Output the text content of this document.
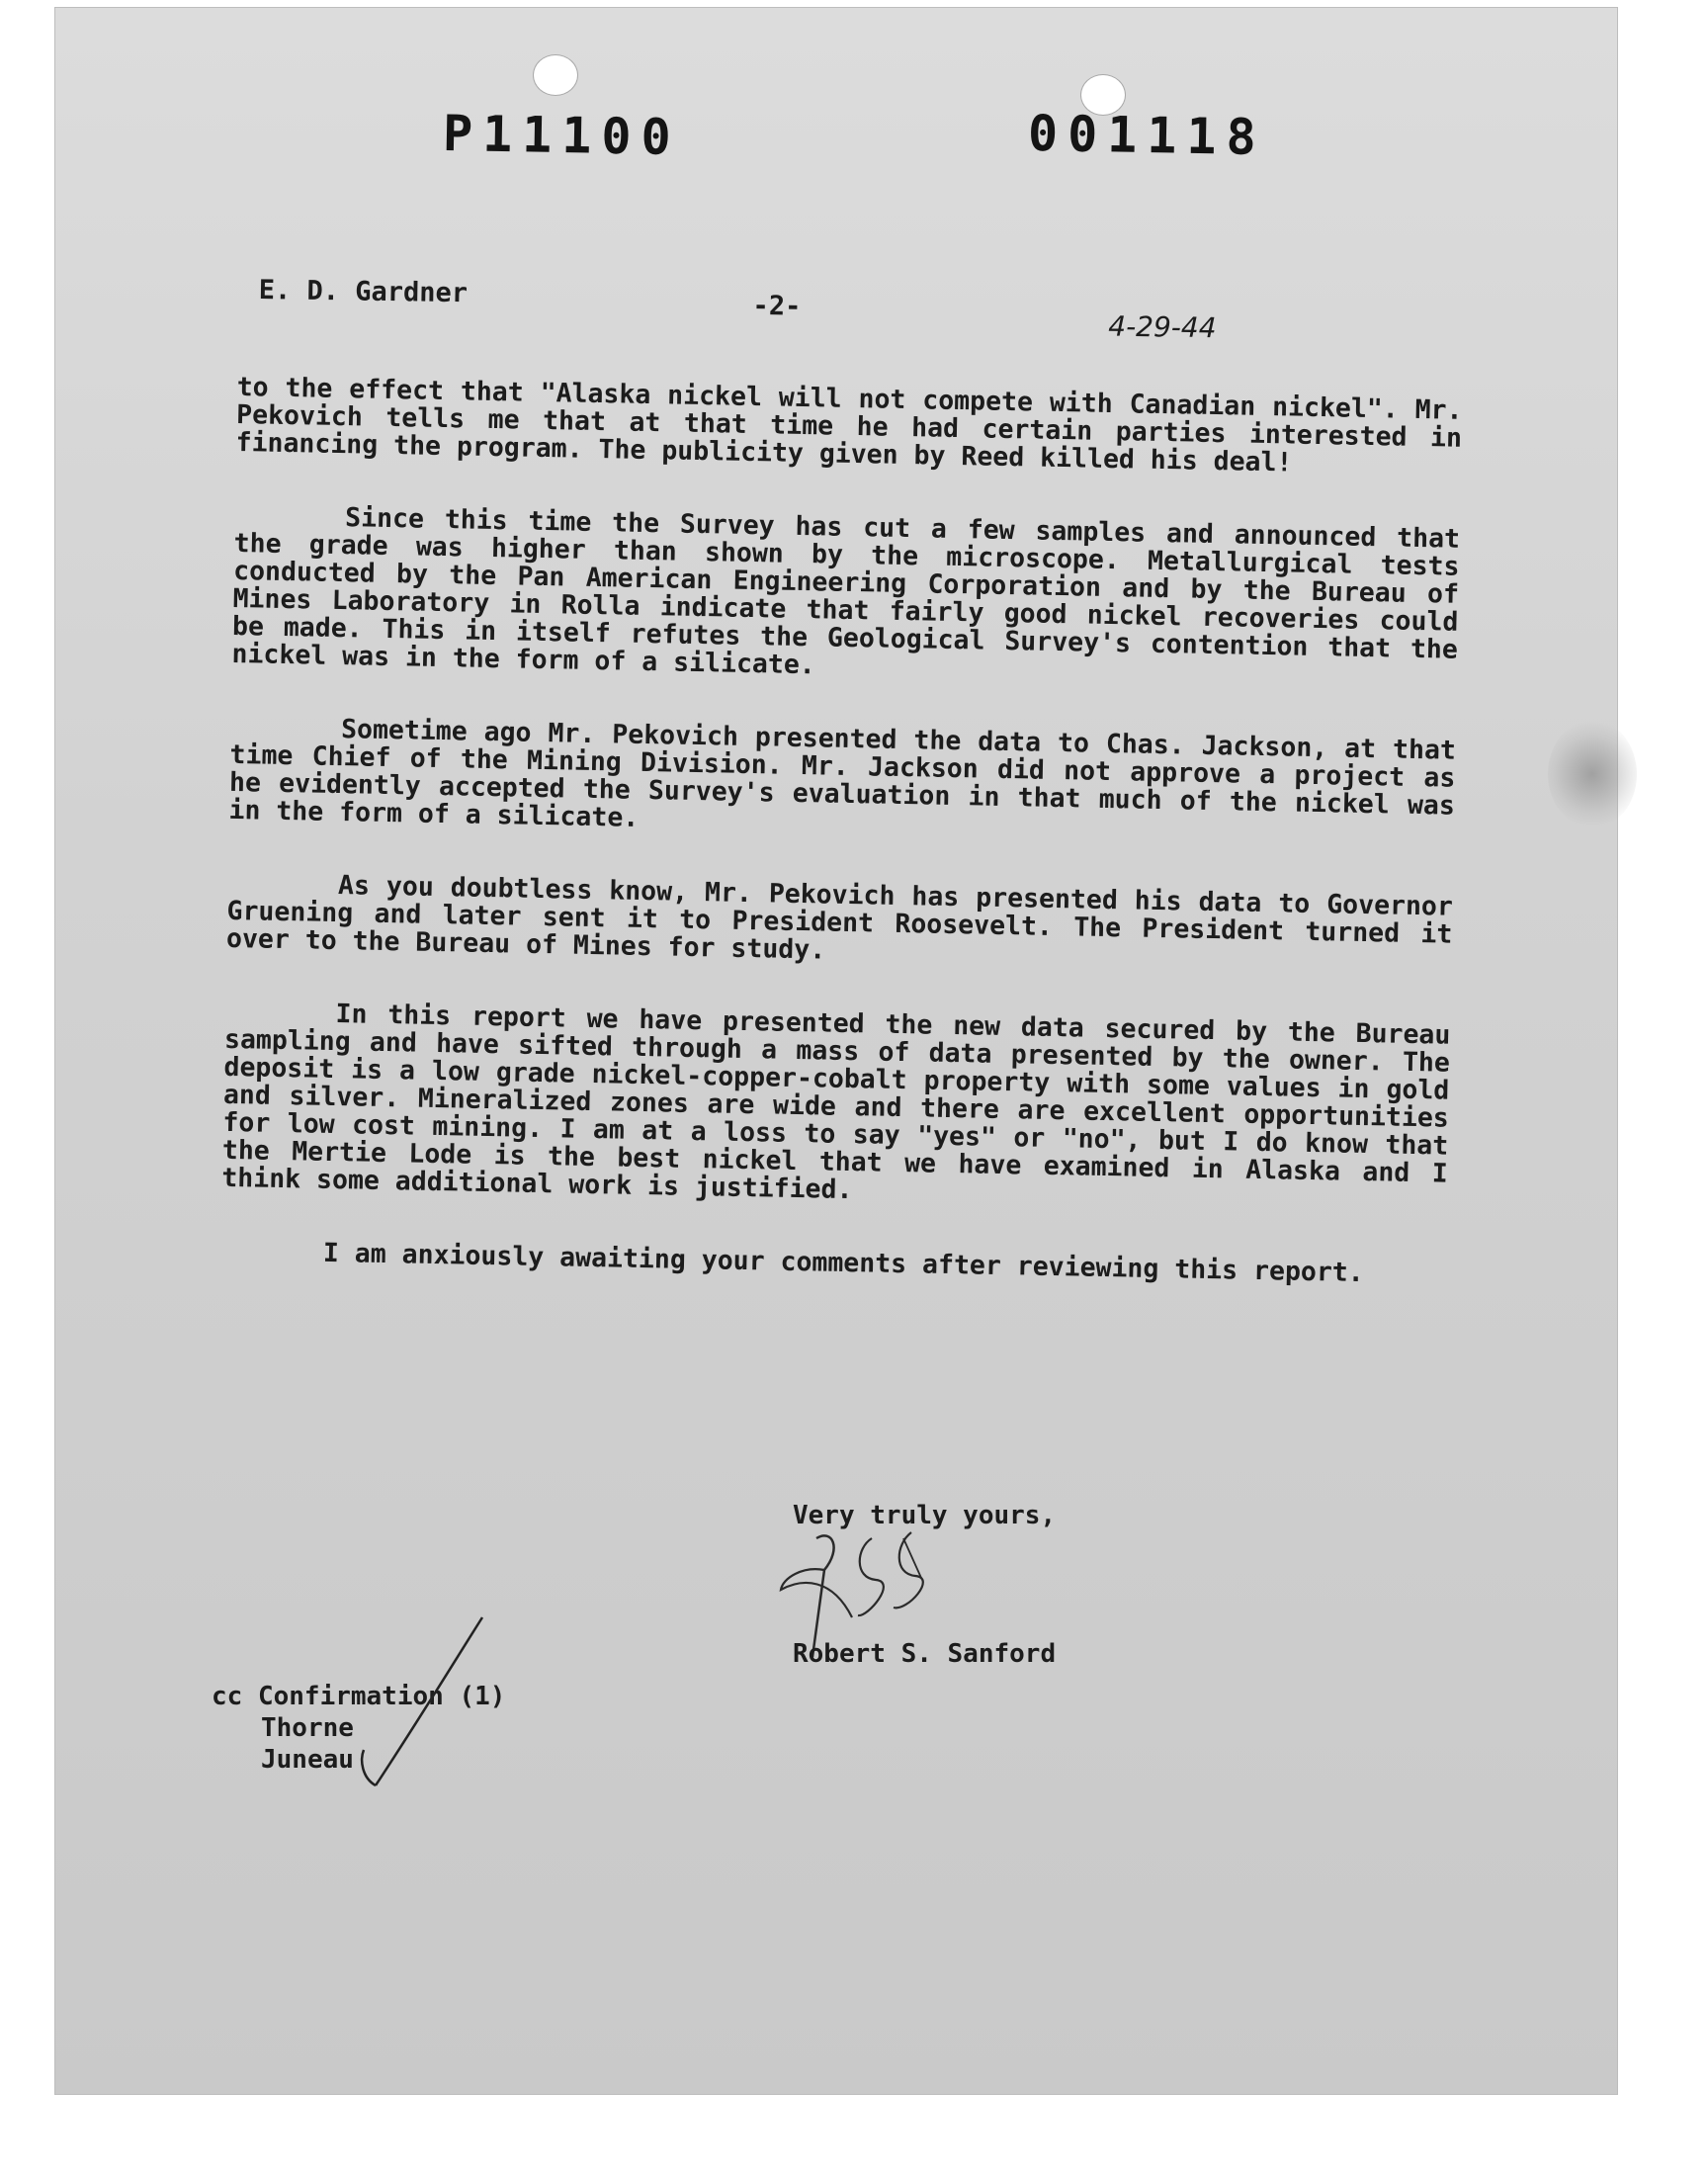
P11100	001118
E. D. Gardner	-2-
4-29-44

to the effect that "Alaska nickel will not compete with Canadian nickel". Mr. Pekovich tells me that at that time he had certain parties interested in financing the program. The publicity given by Reed killed his deal!

Since this time the Survey has cut a few samples and announced that the grade was higher than shown by the microscope. Metallurgical tests conducted by the Pan American Engineering Corporation and by the Bureau of Mines Laboratory in Rolla indicate that fairly good nickel recoveries could be made. This in itself refutes the Geological Survey's contention that the nickel was in the form of a silicate.

Sometime ago Mr. Pekovich presented the data to Chas. Jackson, at that time Chief of the Mining Division. Mr. Jackson did not approve a project as he evidently accepted the Survey's evaluation in that much of the nickel was in the form of a silicate.

As you doubtless know, Mr. Pekovich has presented his data to Governor Gruening and later sent it to President Roosevelt. The President turned it over to the Bureau of Mines for study.

In this report we have presented the new data secured by the Bureau sampling and have sifted through a mass of data presented by the owner. The deposit is a low grade nickel-copper-cobalt property with some values in gold and silver. Mineralized zones are wide and there are excellent opportunities for low cost mining. I am at a loss to say "yes" or "no", but I do know that the Mertie Lode is the best nickel that we have examined in Alaska and I think some additional work is justified.

I am anxiously awaiting your comments after reviewing this report.

Very truly yours,
Robert S. Sanford
cc Confirmation (1)
Thorne
Juneau
